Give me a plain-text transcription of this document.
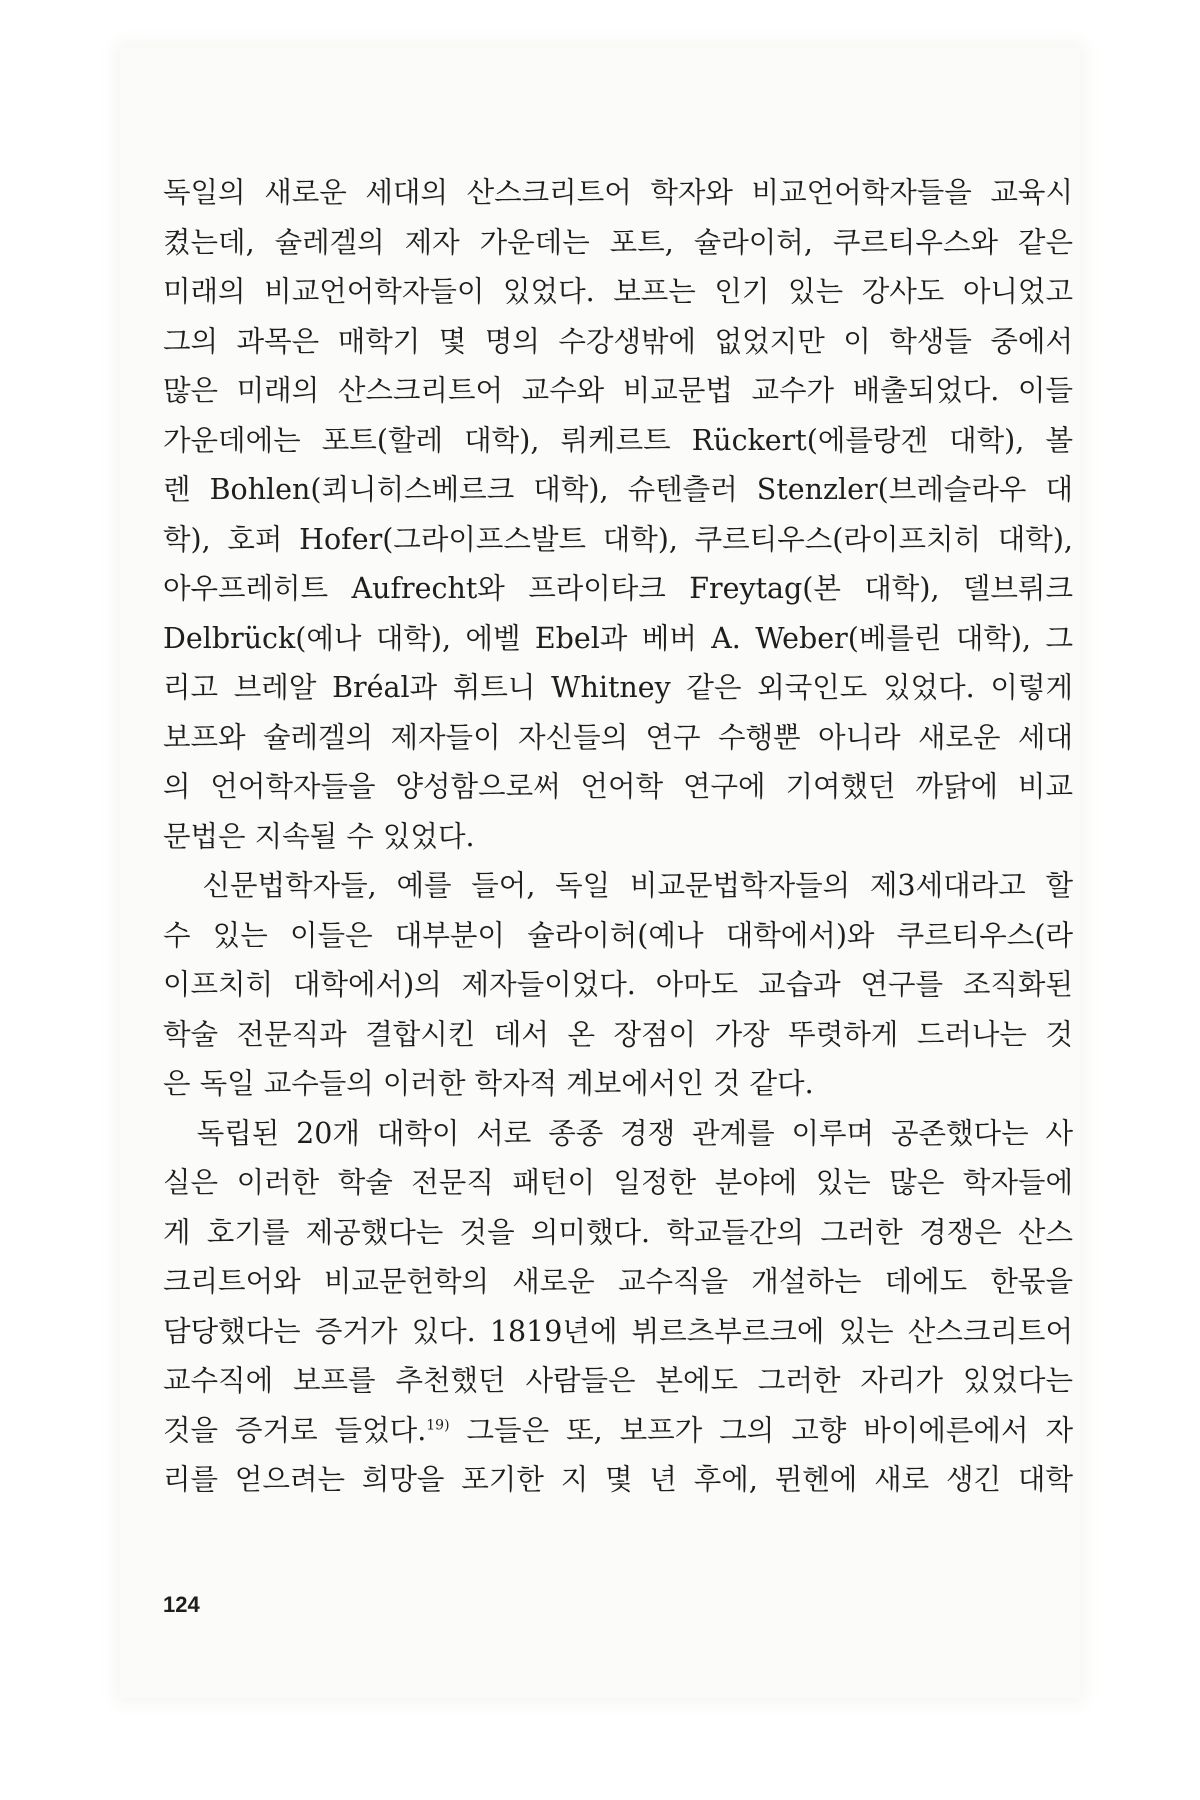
독일의 새로운 세대의 산스크리트어 학자와 비교언어학자들을 교육시
켰는데, 슐레겔의 제자 가운데는 포트, 슐라이허, 쿠르티우스와 같은
미래의 비교언어학자들이 있었다. 보프는 인기 있는 강사도 아니었고
그의 과목은 매학기 몇 명의 수강생밖에 없었지만 이 학생들 중에서
많은 미래의 산스크리트어 교수와 비교문법 교수가 배출되었다. 이들
가운데에는 포트(할레 대학), 뤼케르트 Rückert(에를랑겐 대학), 볼
렌 Bohlen(쾨니히스베르크 대학), 슈텐츨러 Stenzler(브레슬라우 대
학), 호퍼 Hofer(그라이프스발트 대학), 쿠르티우스(라이프치히 대학),
아우프레히트 Aufrecht와 프라이타크 Freytag(본 대학), 델브뤼크
Delbrück(예나 대학), 에벨 Ebel과 베버 A. Weber(베를린 대학), 그
리고 브레알 Bréal과 휘트니 Whitney 같은 외국인도 있었다. 이렇게
보프와 슐레겔의 제자들이 자신들의 연구 수행뿐 아니라 새로운 세대
의 언어학자들을 양성함으로써 언어학 연구에 기여했던 까닭에 비교
문법은 지속될 수 있었다.
신문법학자들, 예를 들어, 독일 비교문법학자들의 제3세대라고 할
수 있는 이들은 대부분이 슐라이허(예나 대학에서)와 쿠르티우스(라
이프치히 대학에서)의 제자들이었다. 아마도 교습과 연구를 조직화된
학술 전문직과 결합시킨 데서 온 장점이 가장 뚜렷하게 드러나는 것
은 독일 교수들의 이러한 학자적 계보에서인 것 같다.
독립된 20개 대학이 서로 종종 경쟁 관계를 이루며 공존했다는 사
실은 이러한 학술 전문직 패턴이 일정한 분야에 있는 많은 학자들에
게 호기를 제공했다는 것을 의미했다. 학교들간의 그러한 경쟁은 산스
크리트어와 비교문헌학의 새로운 교수직을 개설하는 데에도 한몫을
담당했다는 증거가 있다. 1819년에 뷔르츠부르크에 있는 산스크리트어
교수직에 보프를 추천했던 사람들은 본에도 그러한 자리가 있었다는
것을 증거로 들었다.$^{19)}$ 그들은 또, 보프가 그의 고향 바이에른에서 자
리를 얻으려는 희망을 포기한 지 몇 년 후에, 뮌헨에 새로 생긴 대학
124
